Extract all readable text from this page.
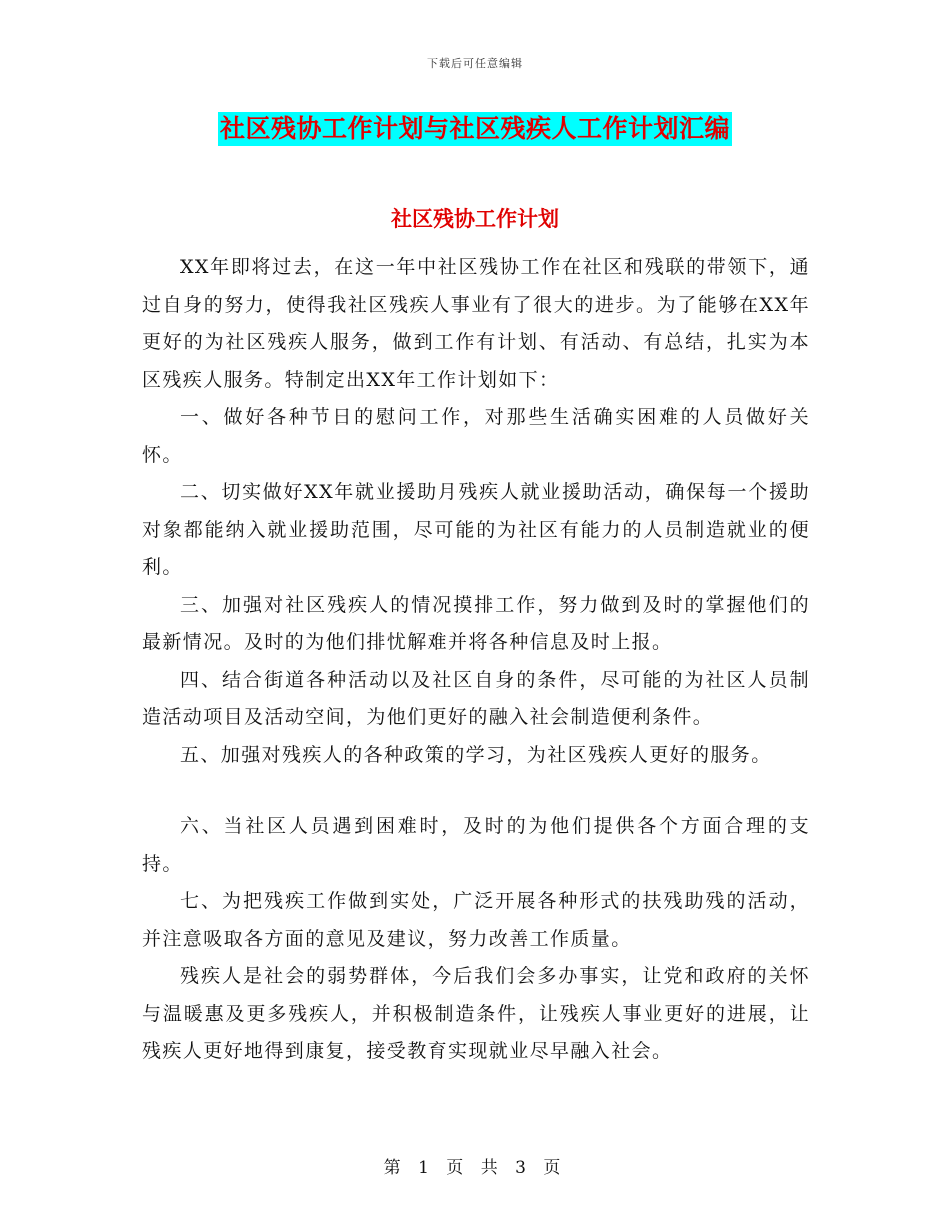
下载后可任意编辑
社区残协工作计划与社区残疾人工作计划汇编
社区残协工作计划

XX年即将过去，在这一年中社区残协工作在社区和残联的带领下，通过自身的努力，使得我社区残疾人事业有了很大的进步。为了能够在XX年更好的为社区残疾人服务，做到工作有计划、有活动、有总结，扎实为本区残疾人服务。特制定出XX年工作计划如下：

一、做好各种节日的慰问工作，对那些生活确实困难的人员做好关怀。

二、切实做好XX年就业援助月残疾人就业援助活动，确保每一个援助对象都能纳入就业援助范围，尽可能的为社区有能力的人员制造就业的便利。

三、加强对社区残疾人的情况摸排工作，努力做到及时的掌握他们的最新情况。及时的为他们排忧解难并将各种信息及时上报。

四、结合街道各种活动以及社区自身的条件，尽可能的为社区人员制造活动项目及活动空间，为他们更好的融入社会制造便利条件。

五、加强对残疾人的各种政策的学习，为社区残疾人更好的服务。

六、当社区人员遇到困难时，及时的为他们提供各个方面合理的支持。

七、为把残疾工作做到实处，广泛开展各种形式的扶残助残的活动，并注意吸取各方面的意见及建议，努力改善工作质量。

残疾人是社会的弱势群体，今后我们会多办事实，让党和政府的关怀与温暖惠及更多残疾人，并积极制造条件，让残疾人事业更好的进展，让残疾人更好地得到康复，接受教育实现就业尽早融入社会。

第 1 页 共 3 页
